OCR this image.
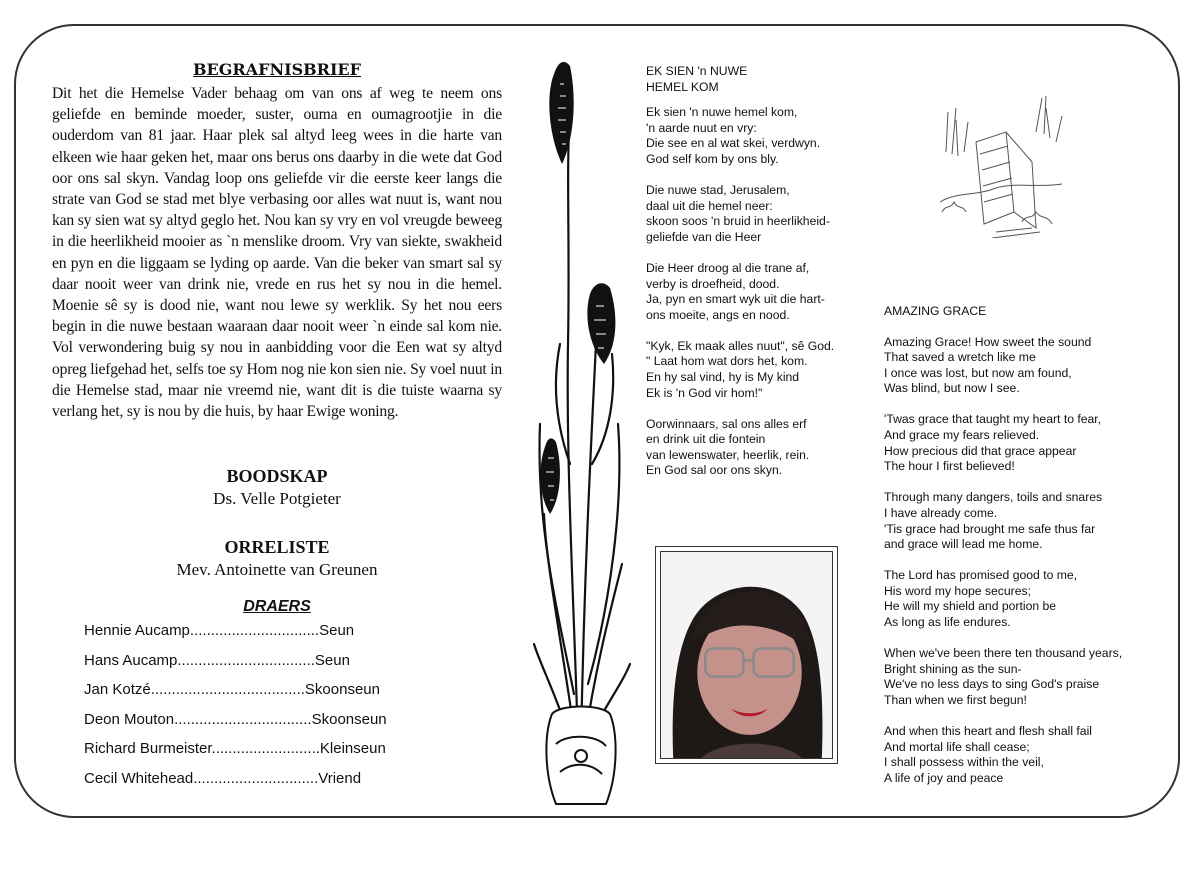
BEGRAFNISBRIEF

Dit het die Hemelse Vader behaag om van ons af weg te neem ons geliefde en beminde moeder, suster, ouma en oumagrootjie in die ouderdom van 81 jaar. Haar plek sal altyd leeg wees in die harte van elkeen wie haar geken het, maar ons berus ons daarby in die wete dat God oor ons sal skyn. Vandag loop ons geliefde vir die eerste keer langs die strate van God se stad met blye verbasing oor alles wat nuut is, want nou kan sy sien wat sy altyd geglo het. Nou kan sy vry en vol vreugde beweeg in die heerlikheid mooier as `n menslike droom. Vry van siekte, swakheid en pyn en die liggaam se lyding op aarde. Van die beker van smart sal sy daar nooit weer van drink nie, vrede en rus het sy nou in die hemel. Moenie sê sy is dood nie, want nou lewe sy werklik. Sy het nou eers begin in die nuwe bestaan waaraan daar nooit weer `n einde sal kom nie. Vol verwondering buig sy nou in aanbidding voor die Een wat sy altyd opreg liefgehad het, selfs toe sy Hom nog nie kon sien nie. Sy voel nuut in die Hemelse stad, maar nie vreemd nie, want dit is die tuiste waarna sy verlang het, sy is nou by die huis, by haar Ewige woning.

BOODSKAP
Ds. Velle Potgieter
ORRELISTE
Mev. Antoinette van Greunen
DRAERS
Hennie Aucamp...............................Seun
Hans Aucamp.................................Seun
Jan Kotzé.....................................Skoonseun
Deon Mouton.................................Skoonseun
Richard Burmeister..........................Kleinseun
Cecil Whitehead..............................Vriend
EK SIEN 'n NUWE
HEMEL KOM
Ek sien 'n nuwe hemel kom,
'n aarde nuut en vry:
Die see en al wat skei, verdwyn.
God self kom by ons bly.
Die nuwe stad, Jerusalem,
daal uit die hemel neer:
skoon soos 'n bruid in heerlikheid-
geliefde van die Heer
Die Heer droog al die trane af,
verby is droefheid, dood.
Ja, pyn en smart wyk uit die hart-
ons moeite, angs en nood.
"Kyk, Ek maak alles nuut", sê God.
" Laat hom wat dors het, kom.
En hy sal vind, hy is My kind
Ek is 'n God vir hom!"
Oorwinnaars, sal ons alles erf
en drink uit die fontein
van lewenswater, heerlik, rein.
En God sal oor ons skyn.
AMAZING GRACE
Amazing Grace! How sweet the sound
That saved a wretch like me
I once was lost, but now am found,
Was blind, but now I see.
'Twas grace that taught my heart to fear,
And grace my fears relieved.
How precious did that grace appear
The hour I first believed!
Through many dangers, toils and snares
I have already come.
'Tis grace had brought me safe thus far
and grace will lead me home.
The Lord has promised good to me,
His word my hope secures;
He will my shield and portion be
As long as life endures.
When we've been there ten thousand years,
Bright shining as the sun-
We've no less days to sing God's praise
Than when we first begun!
And when this heart and flesh shall fail
And mortal life shall cease;
I shall possess within the veil,
A life of joy and peace
